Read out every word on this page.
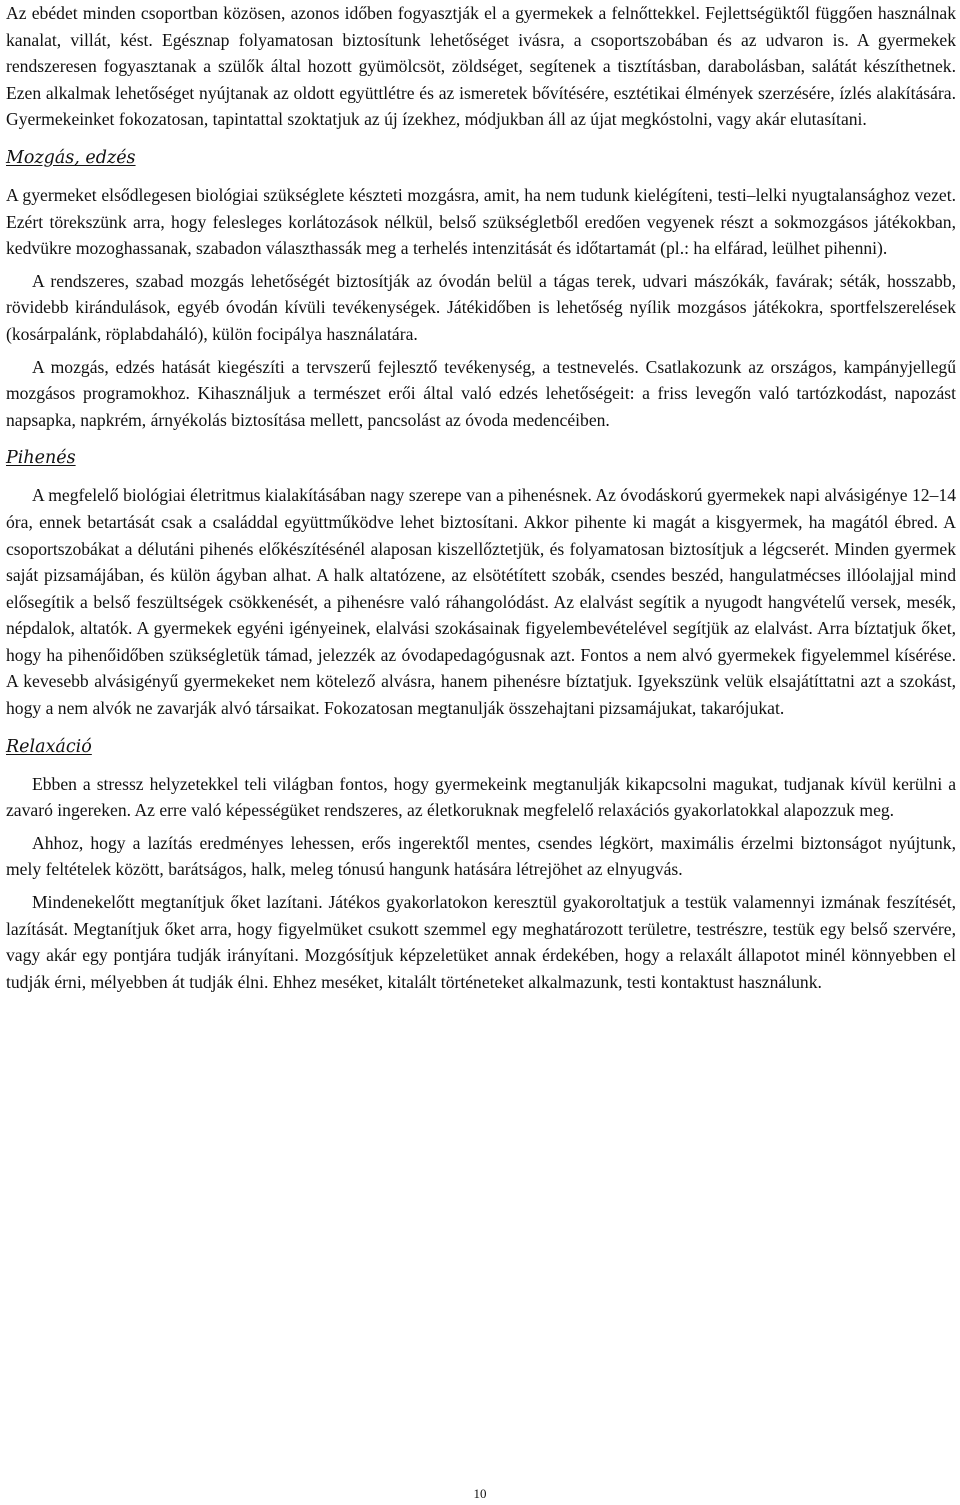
Az ebédet minden csoportban közösen, azonos időben fogyasztják el a gyermekek a felnőttekkel. Fejlettségüktől függően használnak kanalat, villát, kést. Egésznap folyamatosan biztosítunk lehetőséget ivásra, a csoportszobában és az udvaron is. A gyermekek rendszeresen fogyasztanak a szülők által hozott gyümölcsöt, zöldséget, segítenek a tisztításban, darabolásban, salátát készíthetnek. Ezen alkalmak lehetőséget nyújtanak az oldott együttlétre és az ismeretek bővítésére, esztétikai élmények szerzésére, ízlés alakítására. Gyermekeinket fokozatosan, tapintattal szoktatjuk az új ízekhez, módjukban áll az újat megkóstolni, vagy akár elutasítani.

Mozgás, edzés

A gyermeket elsődlegesen biológiai szükséglete készteti mozgásra, amit, ha nem tudunk kielégíteni, testi–lelki nyugtalansághoz vezet. Ezért törekszünk arra, hogy felesleges korlátozások nélkül, belső szükségletből eredően vegyenek részt a sokmozgásos játékokban, kedvükre mozoghassanak, szabadon választhassák meg a terhelés intenzitását és időtartamát (pl.: ha elfárad, leülhet pihenni).

A rendszeres, szabad mozgás lehetőségét biztosítják az óvodán belül a tágas terek, udvari mászókák, favárak; séták, hosszabb, rövidebb kirándulások, egyéb óvodán kívüli tevékenységek. Játékidőben is lehetőség nyílik mozgásos játékokra, sportfelszerelések (kosárpalánk, röplabdaháló), külön focipálya használatára.

A mozgás, edzés hatását kiegészíti a tervszerű fejlesztő tevékenység, a testnevelés. Csatlakozunk az országos, kampányjellegű mozgásos programokhoz. Kihasználjuk a természet erői által való edzés lehetőségeit: a friss levegőn való tartózkodást, napozást napsapka, napkrém, árnyékolás biztosítása mellett, pancsolást az óvoda medencéiben.

Pihenés

A megfelelő biológiai életritmus kialakításában nagy szerepe van a pihenésnek. Az óvodáskorú gyermekek napi alvásigénye 12–14 óra, ennek betartását csak a családdal együttműködve lehet biztosítani. Akkor pihente ki magát a kisgyermek, ha magától ébred. A csoportszobákat a délutáni pihenés előkészítésénél alaposan kiszellőztetjük, és folyamatosan biztosítjuk a légcserét. Minden gyermek saját pizsamájában, és külön ágyban alhat. A halk altatózene, az elsötétített szobák, csendes beszéd, hangulatmécses illóolajjal mind elősegítik a belső feszültségek csökkenését, a pihenésre való ráhangolódást. Az elalvást segítik a nyugodt hangvételű versek, mesék, népdalok, altatók. A gyermekek egyéni igényeinek, elalvási szokásainak figyelembevételével segítjük az elalvást. Arra bíztatjuk őket, hogy ha pihenőidőben szükségletük támad, jelezzék az óvodapedagógusnak azt. Fontos a nem alvó gyermekek figyelemmel kísérése. A kevesebb alvásigényű gyermekeket nem kötelező alvásra, hanem pihenésre bíztatjuk. Igyekszünk velük elsajátíttatni azt a szokást, hogy a nem alvók ne zavarják alvó társaikat. Fokozatosan megtanulják összehajtani pizsamájukat, takarójukat.

Relaxáció

Ebben a stressz helyzetekkel teli világban fontos, hogy gyermekeink megtanulják kikapcsolni magukat, tudjanak kívül kerülni a zavaró ingereken. Az erre való képességüket rendszeres, az életkoruknak megfelelő relaxációs gyakorlatokkal alapozzuk meg.

Ahhoz, hogy a lazítás eredményes lehessen, erős ingerektől mentes, csendes légkört, maximális érzelmi biztonságot nyújtunk, mely feltételek között, barátságos, halk, meleg tónusú hangunk hatására létrejöhet az elnyugvás.

Mindenekelőtt megtanítjuk őket lazítani. Játékos gyakorlatokon keresztül gyakoroltatjuk a testük valamennyi izmának feszítését, lazítását. Megtanítjuk őket arra, hogy figyelmüket csukott szemmel egy meghatározott területre, testrészre, testük egy belső szervére, vagy akár egy pontjára tudják irányítani. Mozgósítjuk képzeletüket annak érdekében, hogy a relaxált állapotot minél könnyebben el tudják érni, mélyebben át tudják élni. Ehhez meséket, kitalált történeteket alkalmazunk, testi kontaktust használunk.

10
